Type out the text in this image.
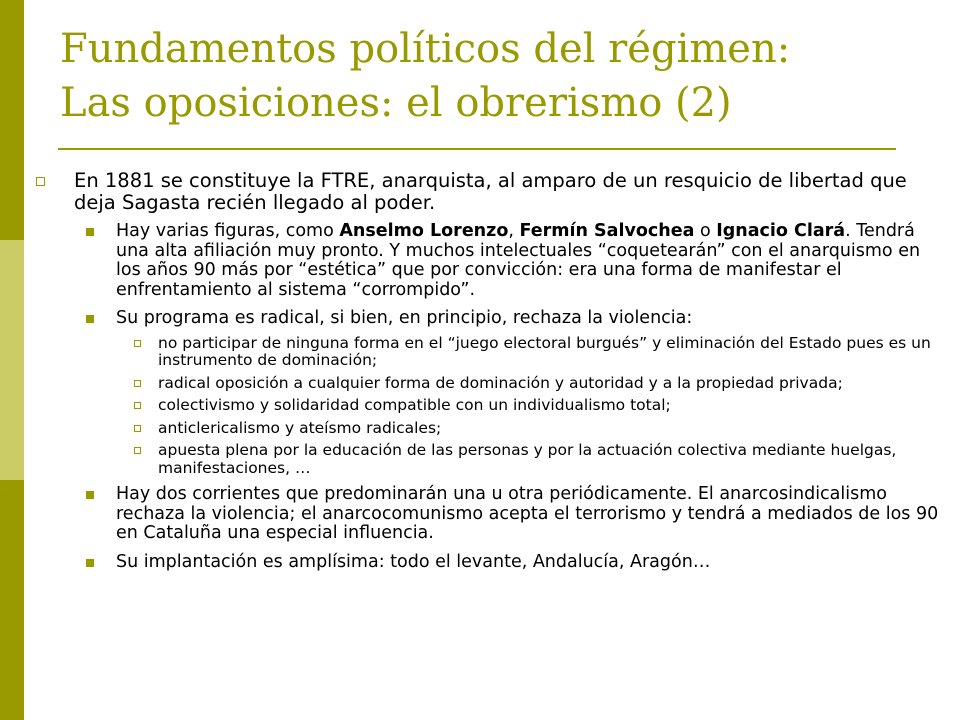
Fundamentos políticos del régimen:
Las oposiciones: el obrerismo (2)
En 1881 se constituye la FTRE, anarquista, al amparo de un resquicio de libertad que deja Sagasta recién llegado al poder.
Hay varias figuras, como Anselmo Lorenzo, Fermín Salvochea o Ignacio Clará. Tendrá una alta afiliación muy pronto. Y muchos intelectuales “coquetearán” con el anarquismo en los años 90 más por “estética” que por convicción: era una forma de manifestar el enfrentamiento al sistema “corrompido”.
Su programa es radical, si bien, en principio, rechaza la violencia:
no participar de ninguna forma en el “juego electoral burgués” y eliminación del Estado pues es un instrumento de dominación;
radical oposición a cualquier forma de dominación y autoridad y a la propiedad privada;
colectivismo y solidaridad compatible con un individualismo total;
anticlericalismo y ateísmo radicales;
apuesta plena por la educación de las personas y por la actuación colectiva mediante huelgas, manifestaciones, …
Hay dos corrientes que predominarán una u otra periódicamente. El anarcosindicalismo rechaza la violencia; el anarcocomunismo acepta el terrorismo y tendrá a mediados de los 90 en Cataluña una especial influencia.
Su implantación es amplísima: todo el levante, Andalucía, Aragón…
